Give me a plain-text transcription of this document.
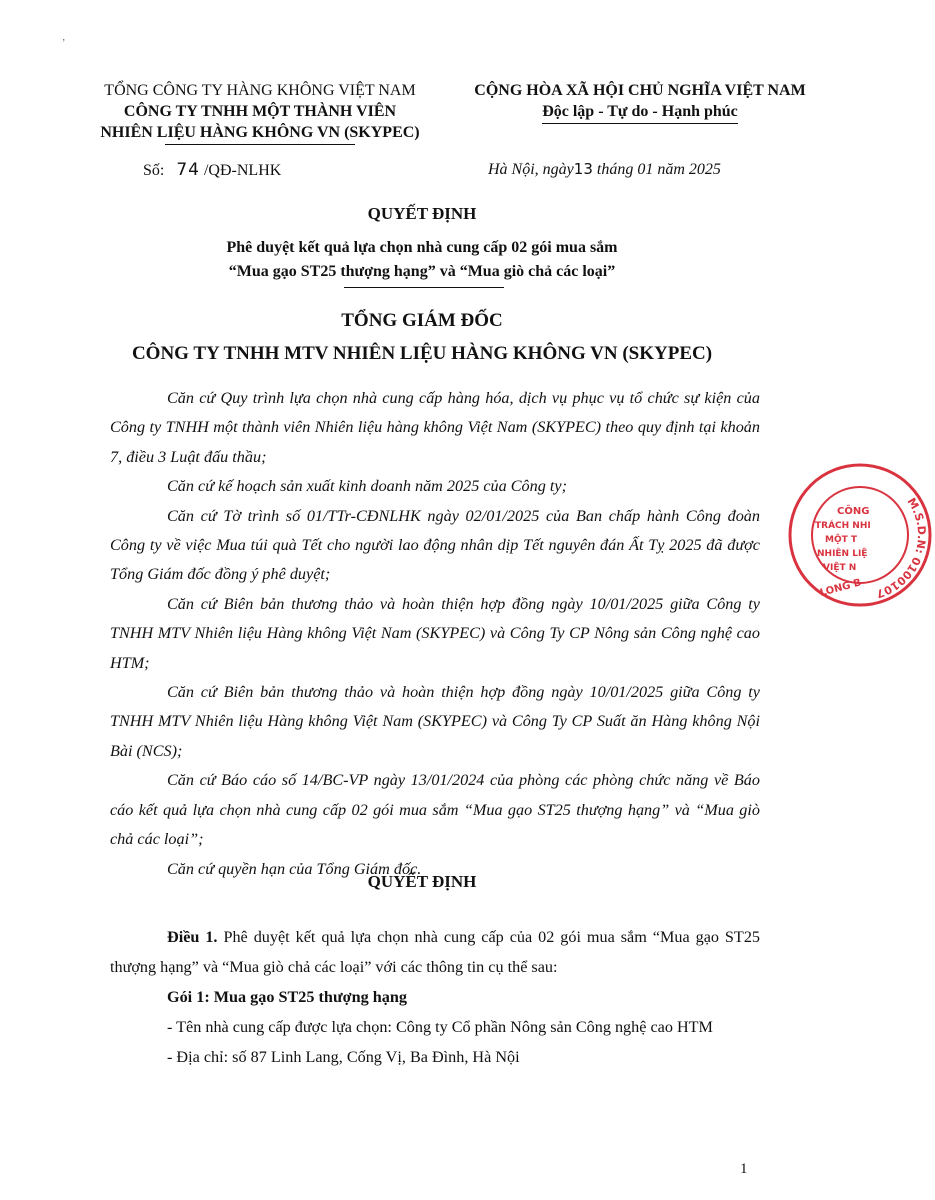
ʼ
TỔNG CÔNG TY HÀNG KHÔNG VIỆT NAM
CÔNG TY TNHH MỘT THÀNH VIÊN
NHIÊN LIỆU HÀNG KHÔNG VN (SKYPEC)
CỘNG HÒA XÃ HỘI CHỦ NGHĨA VIỆT NAM
Độc lập - Tự do - Hạnh phúc
Số: 74 /QĐ-NLHK	Hà Nội, ngày13 tháng 01 năm 2025
QUYẾT ĐỊNH
Phê duyệt kết quả lựa chọn nhà cung cấp 02 gói mua sắm
“Mua gạo ST25 thượng hạng” và “Mua giò chả các loại”
TỔNG GIÁM ĐỐC
CÔNG TY TNHH MTV NHIÊN LIỆU HÀNG KHÔNG VN (SKYPEC)

Căn cứ Quy trình lựa chọn nhà cung cấp hàng hóa, dịch vụ phục vụ tổ chức sự kiện của Công ty TNHH một thành viên Nhiên liệu hàng không Việt Nam (SKYPEC) theo quy định tại khoản 7, điều 3 Luật đấu thầu;

Căn cứ kế hoạch sản xuất kinh doanh năm 2025 của Công ty;

Căn cứ Tờ trình số 01/TTr-CĐNLHK ngày 02/01/2025 của Ban chấp hành Công đoàn Công ty về việc Mua túi quà Tết cho người lao động nhân dịp Tết nguyên đán Ất Tỵ 2025 đã được Tổng Giám đốc đồng ý phê duyệt;

Căn cứ Biên bản thương thảo và hoàn thiện hợp đồng ngày 10/01/2025 giữa Công ty TNHH MTV Nhiên liệu Hàng không Việt Nam (SKYPEC) và Công Ty CP Nông sản Công nghệ cao HTM;

Căn cứ Biên bản thương thảo và hoàn thiện hợp đồng ngày 10/01/2025 giữa Công ty TNHH MTV Nhiên liệu Hàng không Việt Nam (SKYPEC) và Công Ty CP Suất ăn Hàng không Nội Bài (NCS);

Căn cứ Báo cáo số 14/BC-VP ngày 13/01/2024 của phòng các phòng chức năng về Báo cáo kết quả lựa chọn nhà cung cấp 02 gói mua sắm “Mua gạo ST25 thượng hạng” và “Mua giò chả các loại”;

Căn cứ quyền hạn của Tổng Giám đốc.

QUYẾT ĐỊNH

Điều 1. Phê duyệt kết quả lựa chọn nhà cung cấp của 02 gói mua sắm “Mua gạo ST25 thượng hạng” và “Mua giò chả các loại” với các thông tin cụ thể sau:

Gói 1: Mua gạo ST25 thượng hạng

- Tên nhà cung cấp được lựa chọn: Công ty Cổ phần Nông sản Công nghệ cao HTM

- Địa chỉ: số 87 Linh Lang, Cống Vị, Ba Đình, Hà Nội

1
M.S.D.N: 0100107
CÔNG
TRÁCH NHI
MỘT T
NHIÊN LIỆ
VIỆT N
LONG B
